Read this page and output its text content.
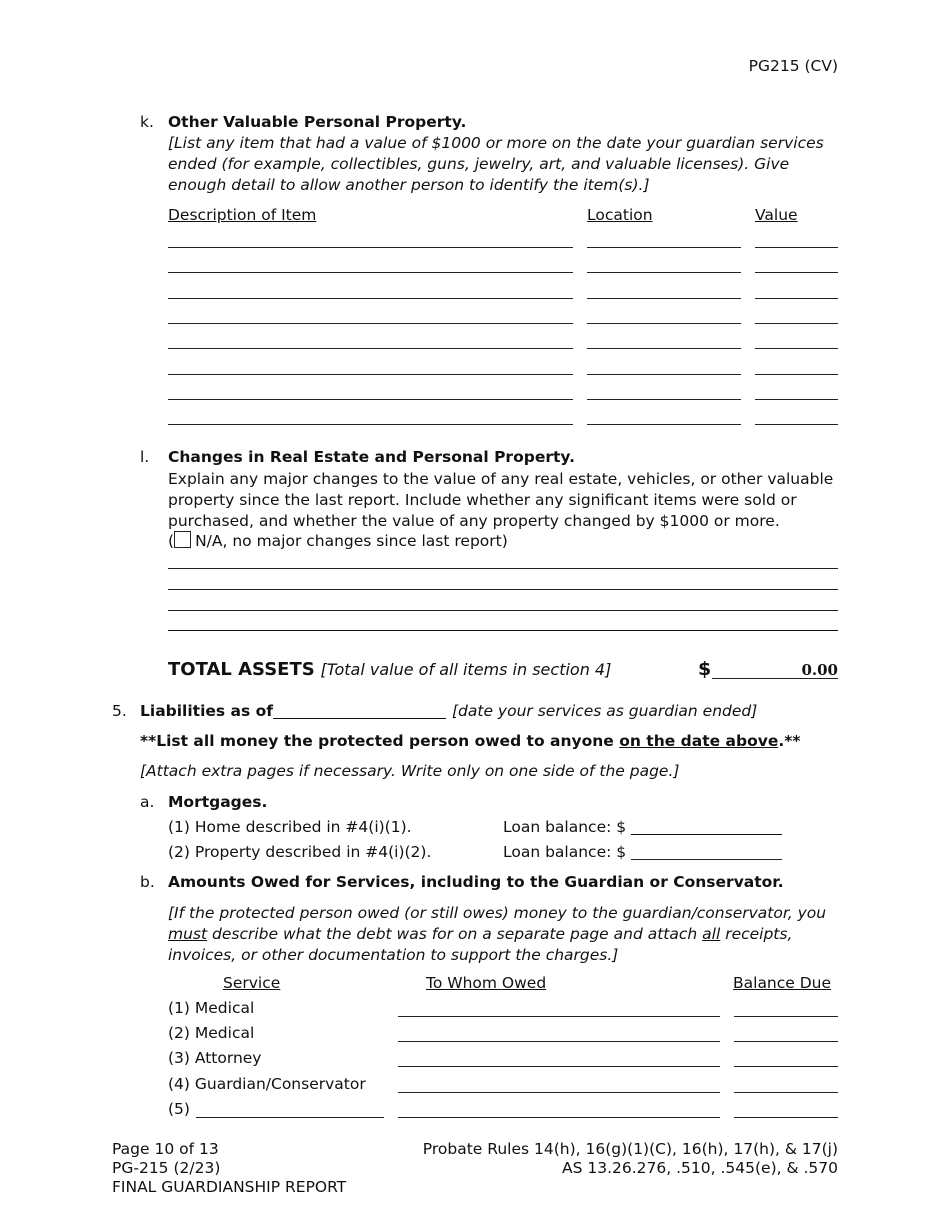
PG215 (CV)
k. Other Valuable Personal Property.
[List any item that had a value of $1000 or more on the date your guardian services ended (for example, collectibles, guns, jewelry, art, and valuable licenses). Give enough detail to allow another person to identify the item(s).]
Description of Item	Location	Value
l. Changes in Real Estate and Personal Property.
Explain any major changes to the value of any real estate, vehicles, or other valuable property since the last report. Include whether any significant items were sold or purchased, and whether the value of any property changed by $1000 or more.
( N/A, no major changes since last report)
TOTAL ASSETS [Total value of all items in section 4]	$	0.00
5. Liabilities as of	[date your services as guardian ended]
**List all money the protected person owed to anyone on the date above.**
[Attach extra pages if necessary. Write only on one side of the page.]
a. Mortgages.
(1) Home described in #4(i)(1).	Loan balance: $
(2) Property described in #4(i)(2).	Loan balance: $
b. Amounts Owed for Services, including to the Guardian or Conservator.
[If the protected person owed (or still owes) money to the guardian/conservator, you must describe what the debt was for on a separate page and attach all receipts, invoices, or other documentation to support the charges.]
Service	To Whom Owed	Balance Due
(1) Medical
(2) Medical
(3) Attorney
(4) Guardian/Conservator
(5)
Page 10 of 13
PG-215 (2/23)
FINAL GUARDIANSHIP REPORT
Probate Rules 14(h), 16(g)(1)(C), 16(h), 17(h), & 17(j)
AS 13.26.276, .510, .545(e), & .570
